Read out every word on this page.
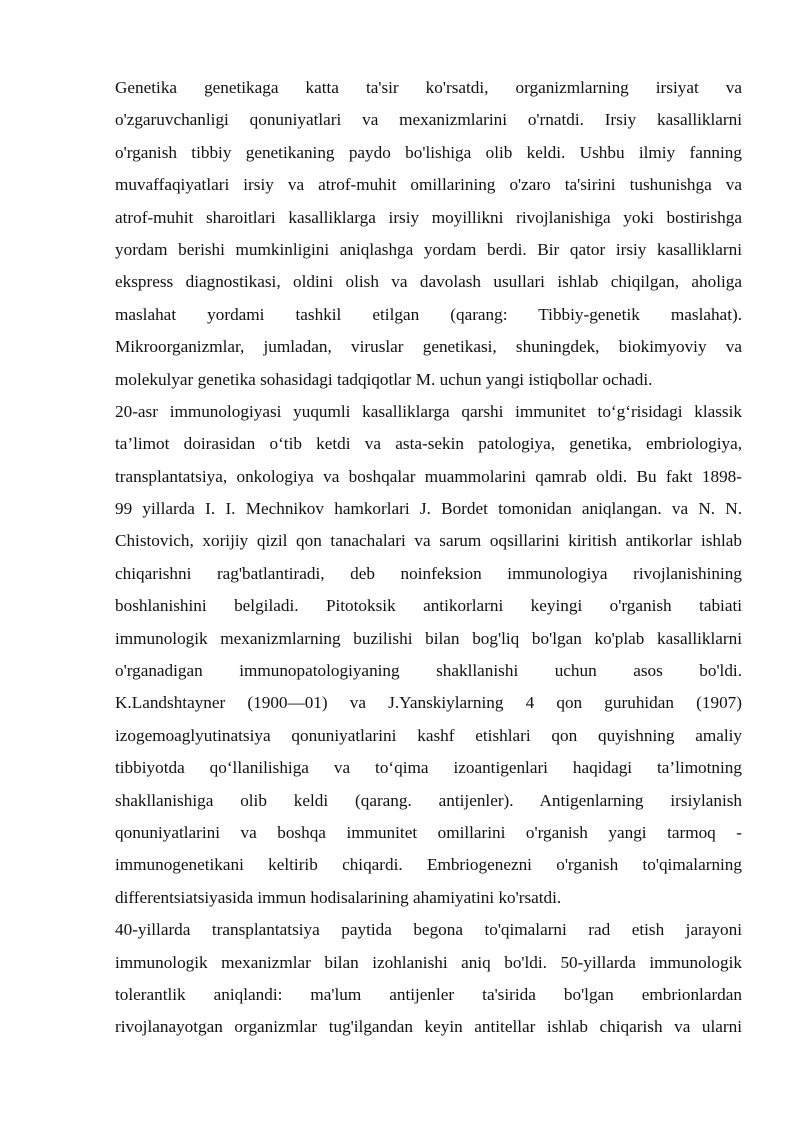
Genetika genetikaga katta ta'sir ko'rsatdi, organizmlarning irsiyat va
o'zgaruvchanligi qonuniyatlari va mexanizmlarini o'rnatdi. Irsiy kasalliklarni
o'rganish tibbiy genetikaning paydo bo'lishiga olib keldi. Ushbu ilmiy fanning
muvaffaqiyatlari irsiy va atrof-muhit omillarining o'zaro ta'sirini tushunishga va
atrof-muhit sharoitlari kasalliklarga irsiy moyillikni rivojlanishiga yoki bostirishga
yordam berishi mumkinligini aniqlashga yordam berdi. Bir qator irsiy kasalliklarni
ekspress diagnostikasi, oldini olish va davolash usullari ishlab chiqilgan, aholiga
maslahat yordami tashkil etilgan (qarang: Tibbiy-genetik maslahat).
Mikroorganizmlar, jumladan, viruslar genetikasi, shuningdek, biokimyoviy va
molekulyar genetika sohasidagi tadqiqotlar M. uchun yangi istiqbollar ochadi.
20-asr immunologiyasi yuqumli kasalliklarga qarshi immunitet to‘g‘risidagi klassik
ta’limot doirasidan o‘tib ketdi va asta-sekin patologiya, genetika, embriologiya,
transplantatsiya, onkologiya va boshqalar muammolarini qamrab oldi. Bu fakt 1898-
99 yillarda I. I. Mechnikov hamkorlari J. Bordet tomonidan aniqlangan. va N. N.
Chistovich, xorijiy qizil qon tanachalari va sarum oqsillarini kiritish antikorlar ishlab
chiqarishni rag'batlantiradi, deb noinfeksion immunologiya rivojlanishining
boshlanishini belgiladi. Pitotoksik antikorlarni keyingi o'rganish tabiati
immunologik mexanizmlarning buzilishi bilan bog'liq bo'lgan ko'plab kasalliklarni
o'rganadigan immunopatologiyaning shakllanishi uchun asos bo'ldi.
K.Landshtayner (1900—01) va J.Yanskiylarning 4 qon guruhidan (1907)
izogemoaglyutinatsiya qonuniyatlarini kashf etishlari qon quyishning amaliy
tibbiyotda qo‘llanilishiga va to‘qima izoantigenlari haqidagi ta’limotning
shakllanishiga olib keldi (qarang. antijenler). Antigenlarning irsiylanish
qonuniyatlarini va boshqa immunitet omillarini o'rganish yangi tarmoq -
immunogenetikani keltirib chiqardi. Embriogenezni o'rganish to'qimalarning
differentsiatsiyasida immun hodisalarining ahamiyatini ko'rsatdi.
40-yillarda transplantatsiya paytida begona to'qimalarni rad etish jarayoni
immunologik mexanizmlar bilan izohlanishi aniq bo'ldi. 50-yillarda immunologik
tolerantlik aniqlandi: ma'lum antijenler ta'sirida bo'lgan embrionlardan
rivojlanayotgan organizmlar tug'ilgandan keyin antitellar ishlab chiqarish va ularni
